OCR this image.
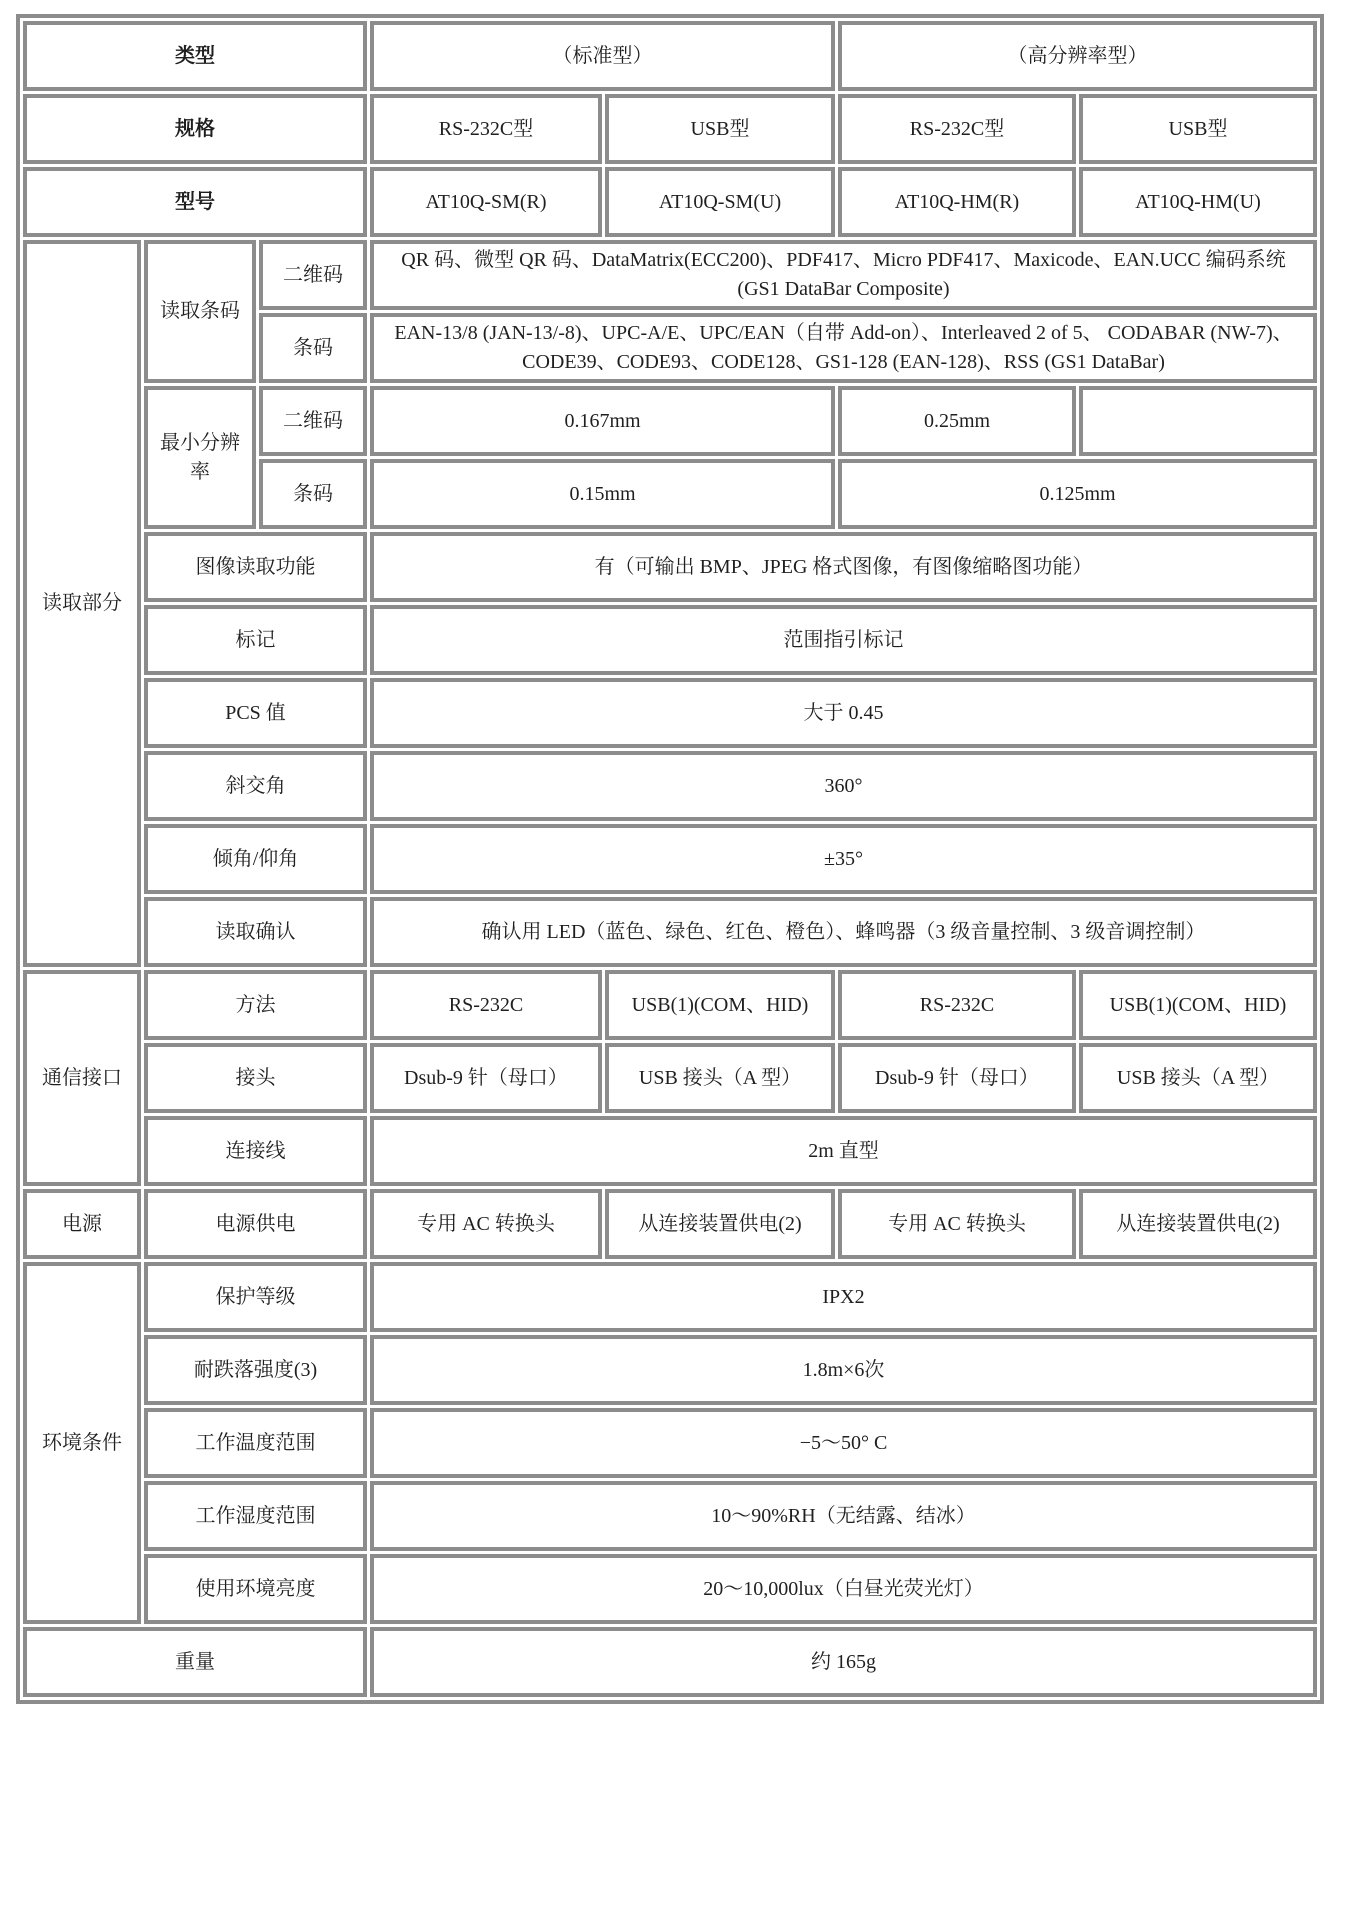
类型			（标准型）		（高分辨率型）	
规格			RS-232C型	USB型	RS-232C型	USB型
型号			AT10Q-SM(R)	AT10Q-SM(U)	AT10Q-HM(R)	AT10Q-HM(U)
读取部分	读取条码	二维码	QR 码、微型 QR 码、DataMatrix(ECC200)、PDF417、Micro PDF417、Maxicode、EAN.UCC 编码系统 (GS1 DataBar Composite)			
		条码	EAN-13/8 (JAN-13/-8)、UPC-A/E、UPC/EAN（自带 Add-on）、Interleaved 2 of 5、 CODABAR (NW-7)、CODE39、CODE93、CODE128、GS1-128 (EAN-128)、RSS (GS1 DataBar)			
	最小分辨率	二维码	0.167mm		0.25mm	
		条码	0.15mm		0.125mm	
	图像读取功能		有（可输出 BMP、JPEG 格式图像，有图像缩略图功能）			
	标记		范围指引标记			
	PCS 值		大于 0.45			
	斜交角		360°			
	倾角/仰角		±35°			
	读取确认		确认用 LED（蓝色、绿色、红色、橙色）、蜂鸣器（3 级音量控制、3 级音调控制）			
通信接口	方法		RS-232C	USB(1)(COM、HID)	RS-232C	USB(1)(COM、HID)
	接头		Dsub-9 针（母口）	USB 接头（A 型）	Dsub-9 针（母口）	USB 接头（A 型）
	连接线		2m 直型			
电源	电源供电		专用 AC 转换头	从连接装置供电(2)	专用 AC 转换头	从连接装置供电(2)
环境条件	保护等级		IPX2			
	耐跌落强度(3)		1.8m×6次			
	工作温度范围		−5～50° C			
	工作湿度范围		10～90%RH（无结露、结冰）			
	使用环境亮度		20～10,000lux（白昼光荧光灯）			
重量			约 165g			
